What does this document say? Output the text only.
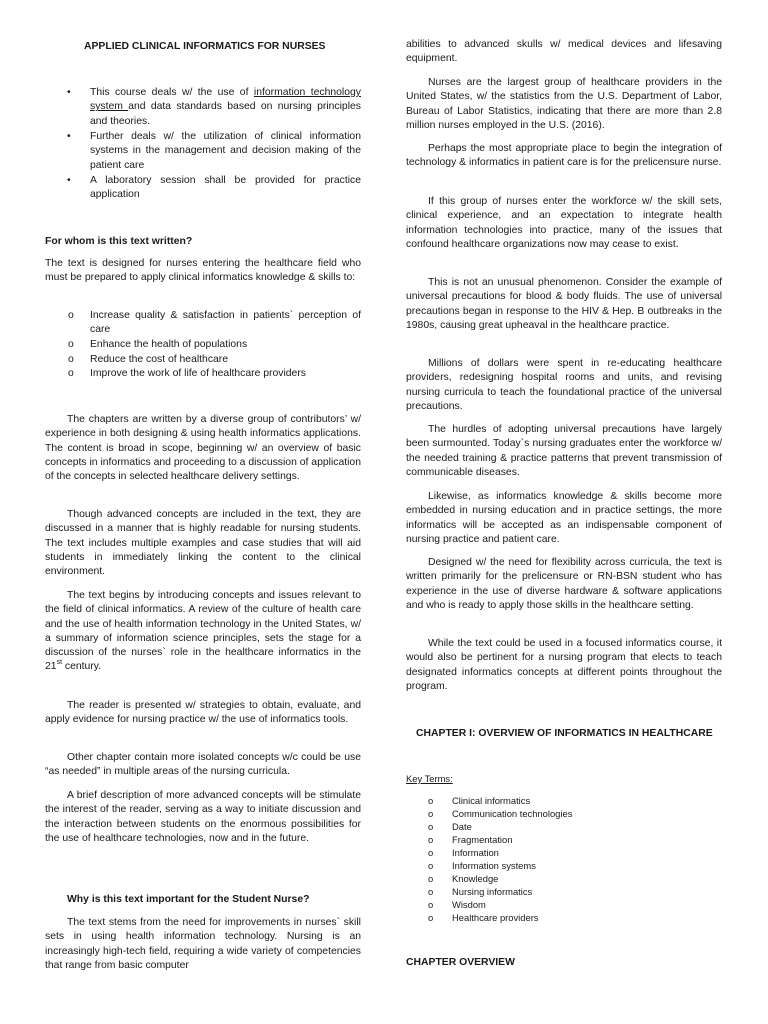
APPLIED CLINICAL INFORMATICS FOR NURSES
• This course deals w/ the use of information technology system and data standards based on nursing principles and theories.
• Further deals w/ the utilization of clinical information systems in the management and decision making of the patient care
• A laboratory session shall be provided for practice application
For whom is this text written?

The text is designed for nurses entering the healthcare field who must be prepared to apply clinical informatics knowledge & skills to:

o Increase quality & satisfaction in patients` perception of care
o Enhance the health of populations
o Reduce the cost of healthcare
o Improve the work of life of healthcare providers

The chapters are written by a diverse group of contributors’ w/ experience in both designing & using health informatics applications. The content is broad in scope, beginning w/ an overview of basic concepts in informatics and proceeding to a discussion of application of the concepts in selected healthcare delivery settings.

Though advanced concepts are included in the text, they are discussed in a manner that is highly readable for nursing students. The text includes multiple examples and case studies that will aid students in immediately linking the content to the clinical environment.

The text begins by introducing concepts and issues relevant to the field of clinical informatics. A review of the culture of health care and the use of health information technology in the United States, w/ a summary of information science principles, sets the stage for a discussion of the nurses` role in the healthcare informatics in the 21st century.

The reader is presented w/ strategies to obtain, evaluate, and apply evidence for nursing practice w/ the use of informatics tools.

Other chapter contain more isolated concepts w/c could be use “as needed” in multiple areas of the nursing curricula.

A brief description of more advanced concepts will be stimulate the interest of the reader, serving as a way to initiate discussion and the interaction between students on the enormous possibilities for the use of healthcare technologies, now and in the future.

Why is this text important for the Student Nurse?

The text stems from the need for improvements in nurses` skill sets in using health information technology. Nursing is an increasingly high-tech field, requiring a wide variety of competencies that range from basic computer

abilities to advanced skulls w/ medical devices and lifesaving equipment.

Nurses are the largest group of healthcare providers in the United States, w/ the statistics from the U.S. Department of Labor, Bureau of Labor Statistics, indicating that there are more than 2.8 million nurses employed in the U.S. (2016).

Perhaps the most appropriate place to begin the integration of technology & informatics in patient care is for the prelicensure nurse.

If this group of nurses enter the workforce w/ the skill sets, clinical experience, and an expectation to integrate health information technologies into practice, many of the issues that confound healthcare organizations now may cease to exist.

This is not an unusual phenomenon. Consider the example of universal precautions for blood & body fluids. The use of universal precautions began in response to the HIV & Hep. B outbreaks in the 1980s, causing great upheaval in the healthcare practice.

Millions of dollars were spent in re-educating healthcare providers, redesigning hospital rooms and units, and revising nursing curricula to teach the foundational practice of the universal precautions.

The hurdles of adopting universal precautions have largely been surmounted. Today`s nursing graduates enter the workforce w/ the needed training & practice patterns that prevent transmission of communicable diseases.

Likewise, as informatics knowledge & skills become more embedded in nursing education and in practice settings, the more informatics will be accepted as an indispensable component of nursing practice and patient care.

Designed w/ the need for flexibility across curricula, the text is written primarily for the prelicensure or RN-BSN student who has experience in the use of diverse hardware & software applications and who is ready to apply those skills in the healthcare setting.

While the text could be used in a focused informatics course, it would also be pertinent for a nursing program that elects to teach designated informatics concepts at different points throughout the program.

CHAPTER I: OVERVIEW OF INFORMATICS IN HEALTHCARE
Key Terms:
o Clinical informatics
o Communication technologies
o Date
o Fragmentation
o Information
o Information systems
o Knowledge
o Nursing informatics
o Wisdom
o Healthcare providers
CHAPTER OVERVIEW
